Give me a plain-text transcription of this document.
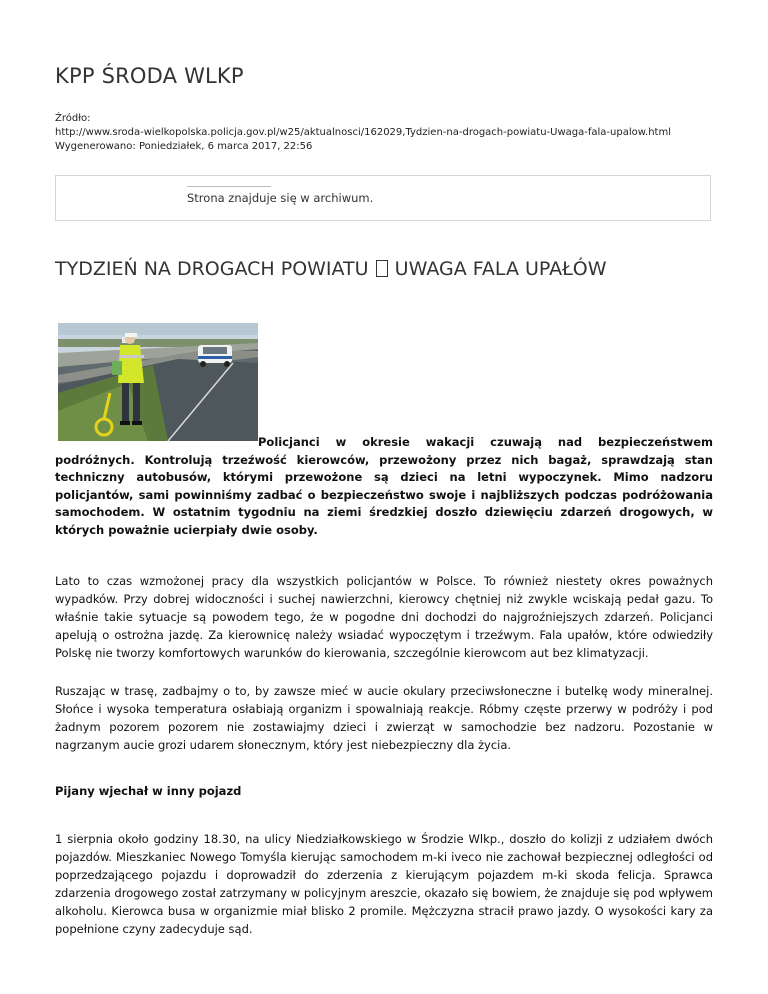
KPP ŚRODA WLKP
Źródło:
http://www.sroda-wielkopolska.policja.gov.pl/w25/aktualnosci/162029,Tydzien-na-drogach-powiatu-Uwaga-fala-upalow.html
Wygenerowano: Poniedziałek, 6 marca 2017, 22:56
Strona znajduje się w archiwum.
TYDZIEŃ NA DROGACH POWIATU  UWAGA FALA UPAŁÓW
Policjanci w okresie wakacji czuwają nad bezpieczeństwem podróżnych. Kontrolują trzeźwość kierowców, przewożony przez nich bagaż, sprawdzają stan techniczny autobusów, którymi przewożone są dzieci na letni wypoczynek. Mimo nadzoru policjantów, sami powinniśmy zadbać o bezpieczeństwo swoje i najbliższych podczas podróżowania samochodem. W ostatnim tygodniu na ziemi średzkiej doszło dziewięciu zdarzeń drogowych, w których poważnie ucierpiały dwie osoby.
Lato to czas wzmożonej pracy dla wszystkich policjantów w Polsce. To również niestety okres poważnych wypadków. Przy dobrej widoczności i suchej nawierzchni, kierowcy chętniej niż zwykle wciskają pedał gazu. To właśnie takie sytuacje są powodem tego, że w pogodne dni dochodzi do najgroźniejszych zdarzeń. Policjanci apelują o ostrożna jazdę. Za kierownicę należy wsiadać wypoczętym i trzeźwym. Fala upałów, które odwiedziły Polskę nie tworzy komfortowych warunków do kierowania, szczególnie kierowcom aut bez klimatyzacji.
Ruszając w trasę, zadbajmy o to, by zawsze mieć w aucie okulary przeciwsłoneczne i butelkę wody mineralnej. Słońce i wysoka temperatura osłabiają organizm i spowalniają reakcje. Róbmy częste przerwy w podróży i pod żadnym pozorem pozorem nie zostawiajmy dzieci i zwierząt w samochodzie bez nadzoru. Pozostanie w nagrzanym aucie grozi udarem słonecznym, który jest niebezpieczny dla życia.
Pijany wjechał w inny pojazd
1 sierpnia około godziny 18.30, na ulicy Niedziałkowskiego w Środzie Wlkp., doszło do kolizji z udziałem dwóch pojazdów. Mieszkaniec Nowego Tomyśla kierując samochodem m-ki iveco nie zachował bezpiecznej odległości od poprzedzającego pojazdu i doprowadził do zderzenia z kierującym pojazdem m-ki skoda felicja. Sprawca zdarzenia drogowego został zatrzymany w policyjnym areszcie, okazało się bowiem, że znajduje się pod wpływem alkoholu. Kierowca busa w organizmie miał blisko 2 promile. Mężczyzna stracił prawo jazdy. O wysokości kary za popełnione czyny zadecyduje sąd.
